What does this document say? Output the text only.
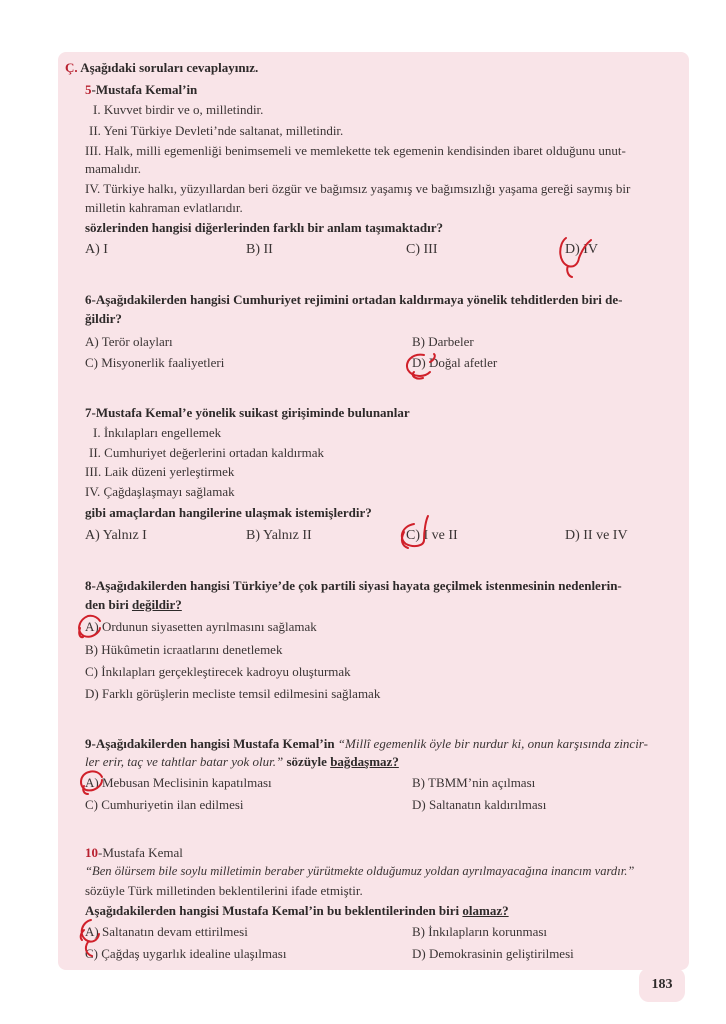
Ç. Aşağıdaki soruları cevaplayınız.
5-Mustafa Kemal’in
I. Kuvvet birdir ve o, milletindir.
II. Yeni Türkiye Devleti’nde saltanat, milletindir.
III. Halk, milli egemenliği benimsemeli ve memlekette tek egemenin kendisinden ibaret olduğunu unut-
mamalıdır.
IV. Türkiye halkı, yüzyıllardan beri özgür ve bağımsız yaşamış ve bağımsızlığı yaşama gereği saymış bir
milletin kahraman evlatlarıdır.
sözlerinden hangisi diğerlerinden farklı bir anlam taşımaktadır?
A) I	B) II	C) III	D) IV
6-Aşağıdakilerden hangisi Cumhuriyet rejimini ortadan kaldırmaya yönelik tehditlerden biri de-
ğildir?
A) Terör olayları	B) Darbeler
C) Misyonerlik faaliyetleri	D) Doğal afetler
7-Mustafa Kemal’e yönelik suikast girişiminde bulunanlar
I. İnkılapları engellemek
II. Cumhuriyet değerlerini ortadan kaldırmak
III. Laik düzeni yerleştirmek
IV. Çağdaşlaşmayı sağlamak
gibi amaçlardan hangilerine ulaşmak istemişlerdir?
A) Yalnız I	B) Yalnız II	C) I ve II	D) II ve IV
8-Aşağıdakilerden hangisi Türkiye’de çok partili siyasi hayata geçilmek istenmesinin nedenlerin-
den biri değildir?
A) Ordunun siyasetten ayrılmasını sağlamak
B) Hükûmetin icraatlarını denetlemek
C) İnkılapları gerçekleştirecek kadroyu oluşturmak
D) Farklı görüşlerin mecliste temsil edilmesini sağlamak
9-Aşağıdakilerden hangisi Mustafa Kemal’in “Millî egemenlik öyle bir nurdur ki, onun karşısında zincir-
ler erir, taç ve tahtlar batar yok olur.” sözüyle bağdaşmaz?
A) Mebusan Meclisinin kapatılması	B) TBMM’nin açılması
C) Cumhuriyetin ilan edilmesi	D) Saltanatın kaldırılması
10-Mustafa Kemal
“Ben ölürsem bile soylu milletimin beraber yürütmekte olduğumuz yoldan ayrılmayacağına inancım vardır.”
sözüyle Türk milletinden beklentilerini ifade etmiştir.
Aşağıdakilerden hangisi Mustafa Kemal’in bu beklentilerinden biri olamaz?
A) Saltanatın devam ettirilmesi	B) İnkılapların korunması
C) Çağdaş uygarlık idealine ulaşılması	D) Demokrasinin geliştirilmesi
183
